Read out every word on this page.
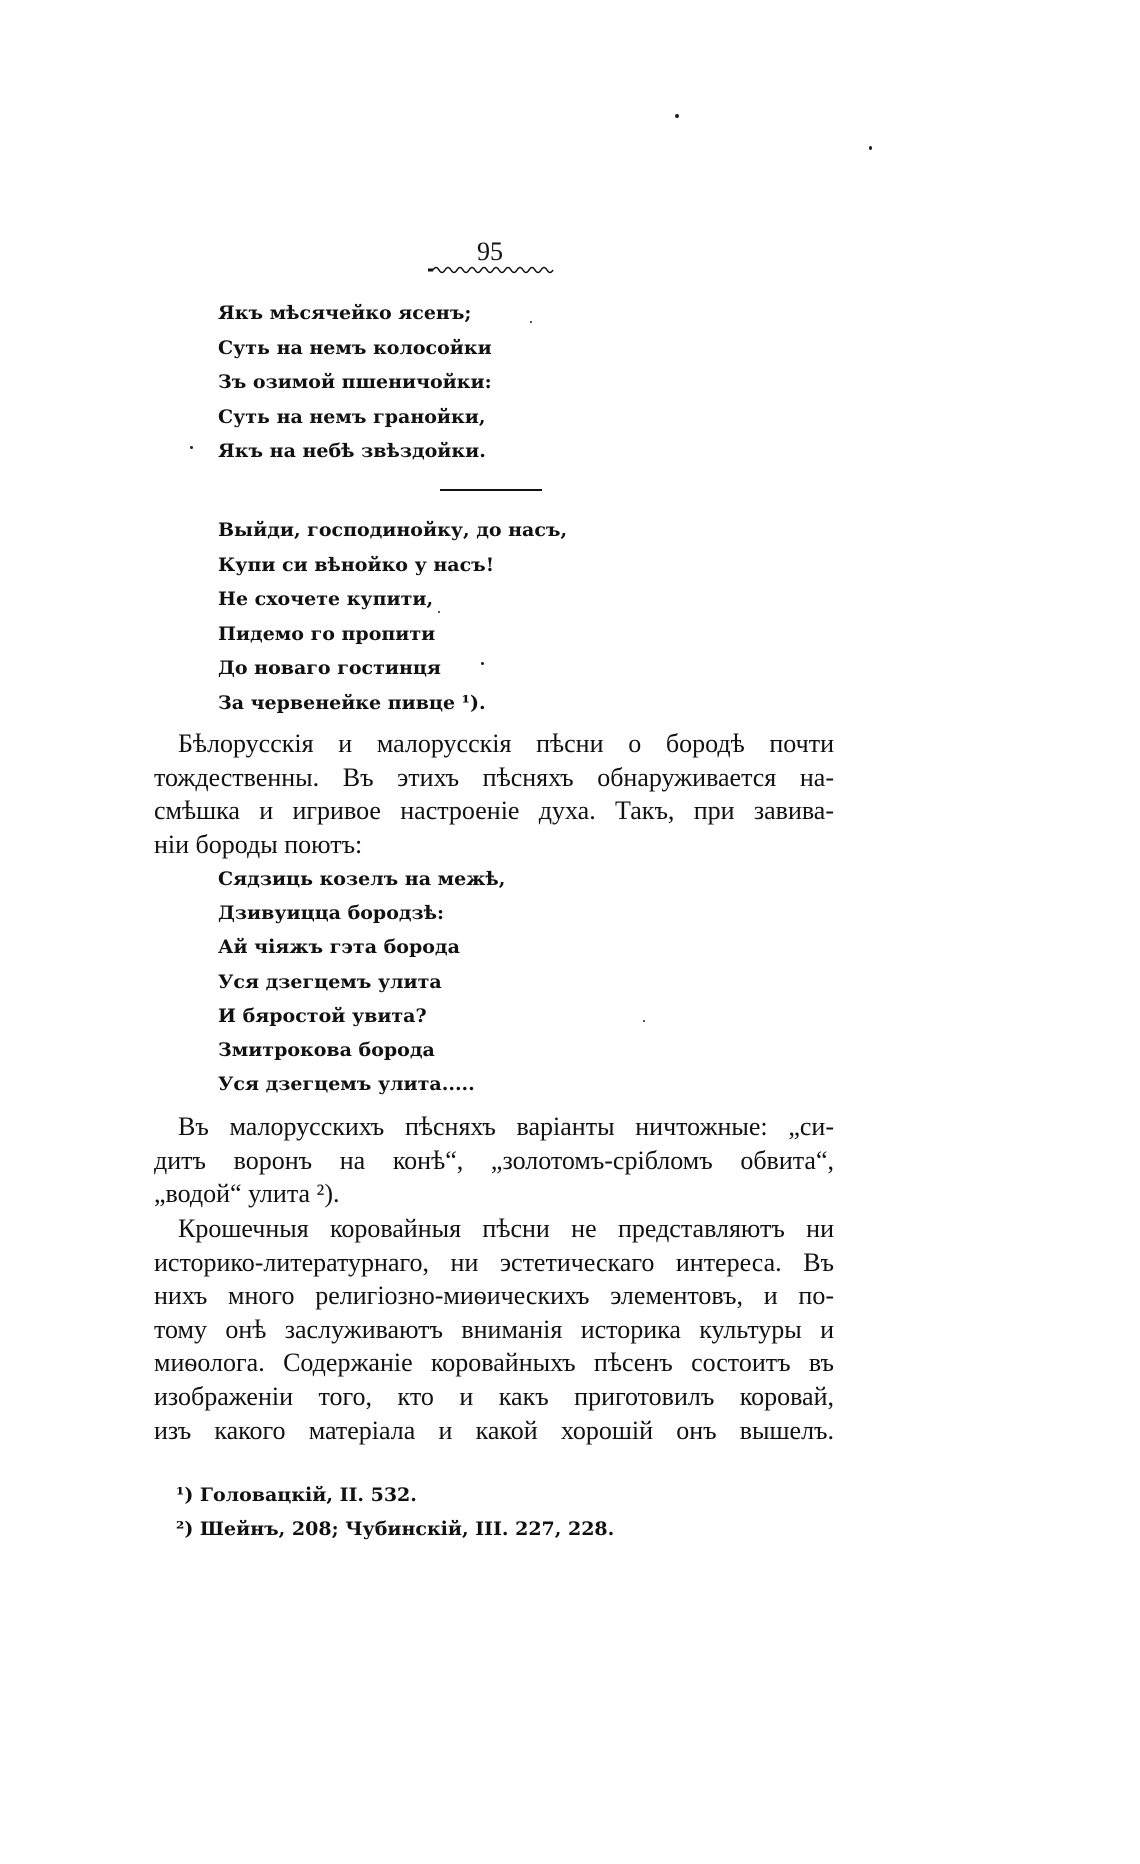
95
Якъ мѣсячейко ясенъ;
Суть на немъ колосойки
Зъ озимой пшеничойки:
Суть на немъ гранойки,
Якъ на небѣ звѣздойки.
Выйди, господинойку, до насъ,
Купи си вѣнойко у насъ!
Не схочете купити,
Пидемо го пропити
До новаго гостинця
За червенейке пивце ¹).

Бѣлорусскія и малорусскія пѣсни о бородѣ почти
тождественны. Въ этихъ пѣсняхъ обнаруживается на-
смѣшка и игривое настроеніе духа. Такъ, при завива-
ніи бороды поютъ:

Сядзиць козелъ на межѣ,
Дзивуицца бородзѣ:
Ай чiяжъ гэта борода
Уся дзегцемъ улитa
И бяростой увита?
Змитрокова борода
Уся дзегцемъ улита.....

Въ малорусскихъ пѣсняхъ варіанты ничтожные: „си-
дитъ воронъ на конѣ“, „золотомъ-срібломъ обвита“,
„водой“ улита ²).

Крошечныя коровайныя пѣсни не представляютъ ни
историко-литературнаго, ни эстетическаго интереса. Въ
нихъ много религіозно-миѳическихъ элементовъ, и по-
тому онѣ заслуживаютъ вниманія историка культуры и
миѳолога. Содержаніе коровайныхъ пѣсенъ состоитъ въ
изображеніи того, кто и какъ приготовилъ коровай,
изъ какого матеріала и какой хорошій онъ вышелъ.

¹) Головацкій, II. 532.
²) Шейнъ, 208; Чубинскій, III. 227, 228.
